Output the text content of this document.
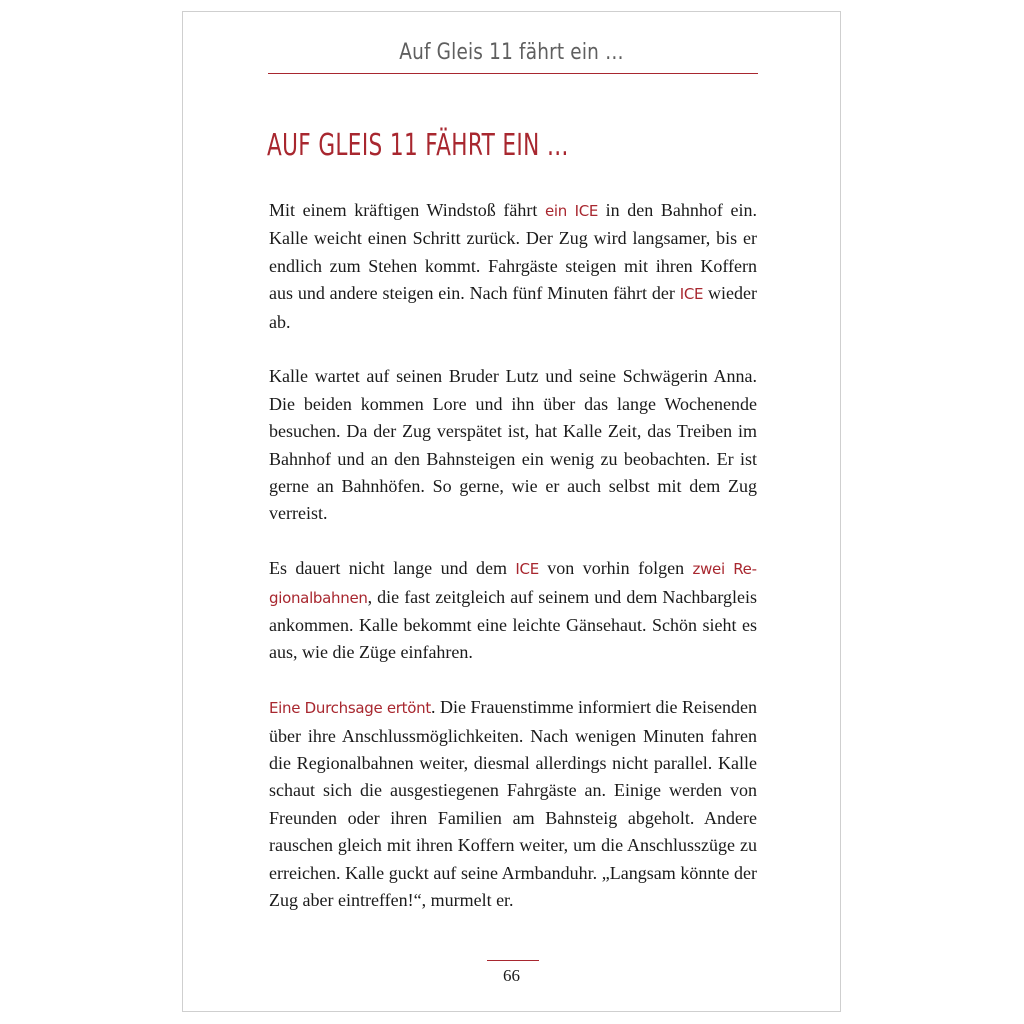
Auf Gleis 11 fährt ein …
AUF GLEIS 11 FÄHRT EIN …

Mit einem kräftigen Windstoß fährt ein ICE in den Bahnhof ein. Kalle weicht einen Schritt zurück. Der Zug wird langsamer, bis er endlich zum Stehen kommt. Fahrgäste steigen mit ihren Koffern aus und andere steigen ein. Nach fünf Minuten fährt der ICE wieder ab.

Kalle wartet auf seinen Bruder Lutz und seine Schwägerin Anna. Die beiden kommen Lore und ihn über das lange Wochenende besuchen. Da der Zug verspätet ist, hat Kalle Zeit, das Treiben im Bahnhof und an den Bahnsteigen ein wenig zu beobachten. Er ist gerne an Bahnhöfen. So gerne, wie er auch selbst mit dem Zug verreist.

Es dauert nicht lange und dem ICE von vorhin folgen zwei Regionalbahnen, die fast zeitgleich auf seinem und dem Nachbargleis ankommen. Kalle bekommt eine leichte Gänsehaut. Schön sieht es aus, wie die Züge einfahren.

Eine Durchsage ertönt. Die Frauenstimme informiert die Reisenden über ihre Anschlussmöglichkeiten. Nach wenigen Minuten fahren die Regionalbahnen weiter, diesmal allerdings nicht parallel. Kalle schaut sich die ausgestiegenen Fahrgäste an. Einige werden von Freunden oder ihren Familien am Bahnsteig abgeholt. Andere rauschen gleich mit ihren Koffern weiter, um die Anschlusszüge zu erreichen. Kalle guckt auf seine Armbanduhr. „Langsam könnte der Zug aber eintreffen!“, murmelt er.

66
